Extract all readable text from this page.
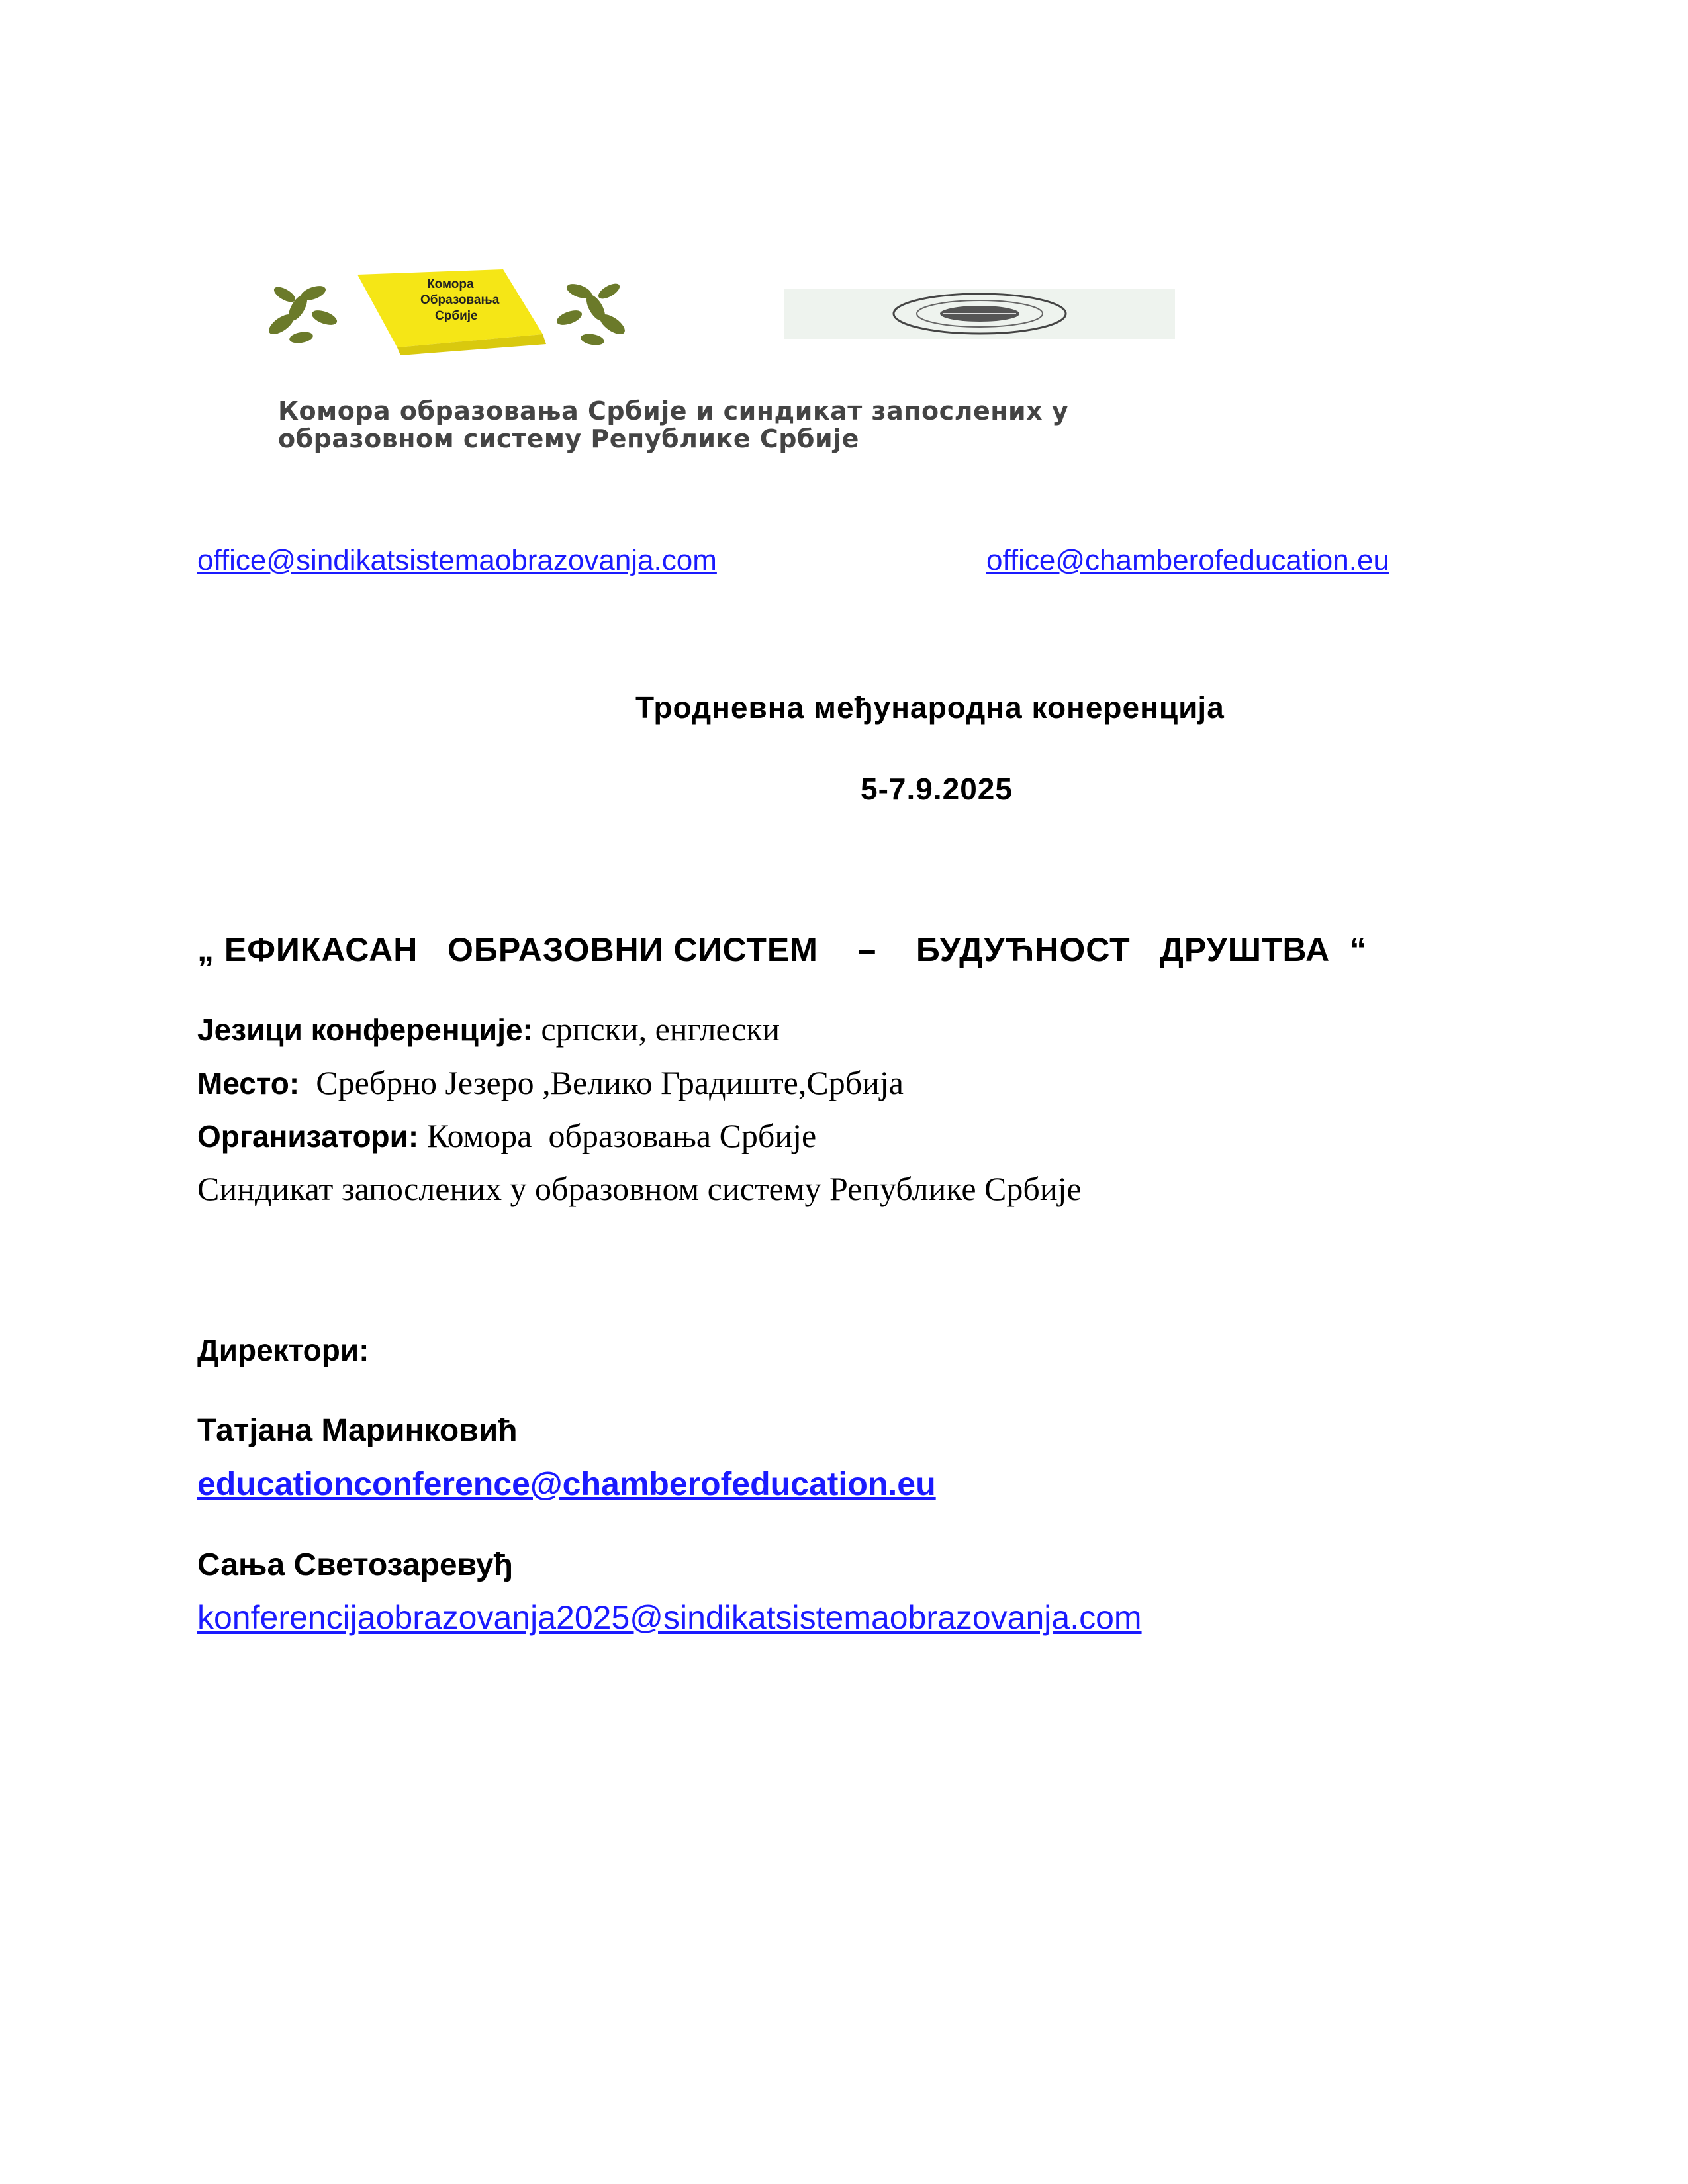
Комора
Образовања
Србије
Комора образовања Србије и синдикат запослених у
образовном систему Републике Србије
office@sindikatsistemaobrazovanja.com	office@chamberofeducation.eu
Тродневна међународна конеренција
5-7.9.2025
„ ЕФИКАСАН   ОБРАЗОВНИ СИСТЕМ    –    БУДУЋНОСТ   ДРУШТВА  “
Језици конференције: српски, енглески
Место:  Сребрно Језеро ,Велико Градиште,Србија
Организатори: Комора  образовања Србије
Синдикат запослених у образовном систему Републике Србије
Директори:
Татјана Маринковић
educationconference@chamberofeducation.eu
Сања Светозаревуђ
konferencijaobrazovanja2025@sindikatsistemaobrazovanja.com
